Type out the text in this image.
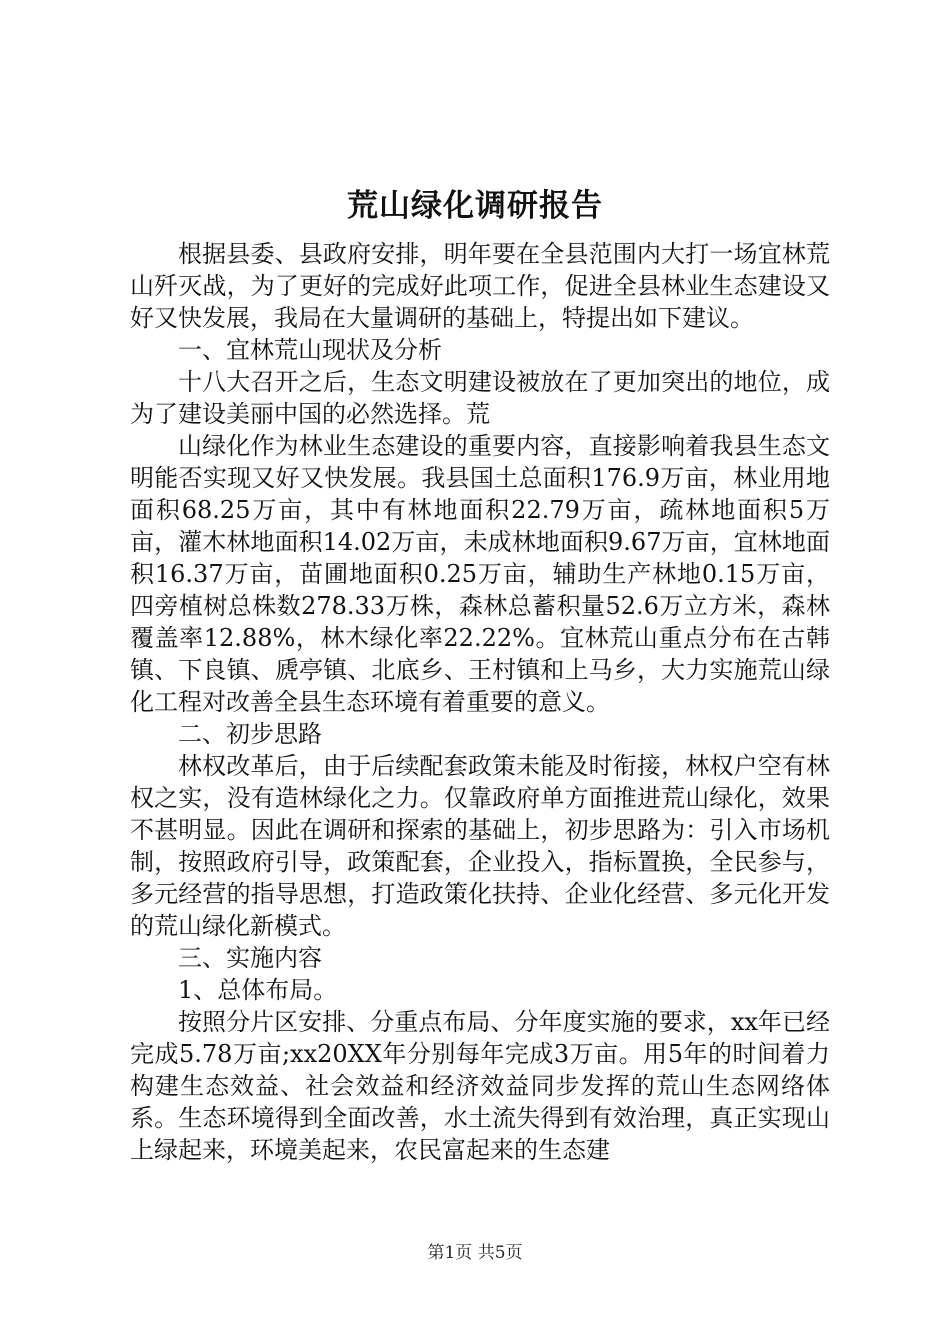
荒山绿化调研报告

根据县委、县政府安排，明年要在全县范围内大打一场宜林荒山歼灭战，为了更好的完成好此项工作，促进全县林业生态建设又好又快发展，我局在大量调研的基础上，特提出如下建议。

一、宜林荒山现状及分析

十八大召开之后，生态文明建设被放在了更加突出的地位，成为了建设美丽中国的必然选择。荒

山绿化作为林业生态建设的重要内容，直接影响着我县生态文明能否实现又好又快发展。我县国土总面积176.9万亩，林业用地面积68.25万亩，其中有林地面积22.79万亩，疏林地面积5万亩，灌木林地面积14.02万亩，未成林地面积9.67万亩，宜林地面积16.37万亩，苗圃地面积0.25万亩，辅助生产林地0.15万亩，四旁植树总株数278.33万株，森林总蓄积量52.6万立方米，森林覆盖率12.88%，林木绿化率22.22%。宜林荒山重点分布在古韩镇、下良镇、虒亭镇、北底乡、王村镇和上马乡，大力实施荒山绿化工程对改善全县生态环境有着重要的意义。

二、初步思路

林权改革后，由于后续配套政策未能及时衔接，林权户空有林权之实，没有造林绿化之力。仅靠政府单方面推进荒山绿化，效果不甚明显。因此在调研和探索的基础上，初步思路为：引入市场机制，按照政府引导，政策配套，企业投入，指标置换，全民参与，多元经营的指导思想，打造政策化扶持、企业化经营、多元化开发的荒山绿化新模式。

三、实施内容

1、总体布局。

按照分片区安排、分重点布局、分年度实施的要求，xx年已经完成5.78万亩;xx20XX年分别每年完成3万亩。用5年的时间着力构建生态效益、社会效益和经济效益同步发挥的荒山生态网络体系。生态环境得到全面改善，水土流失得到有效治理，真正实现山上绿起来，环境美起来，农民富起来的生态建

第1页 共5页
